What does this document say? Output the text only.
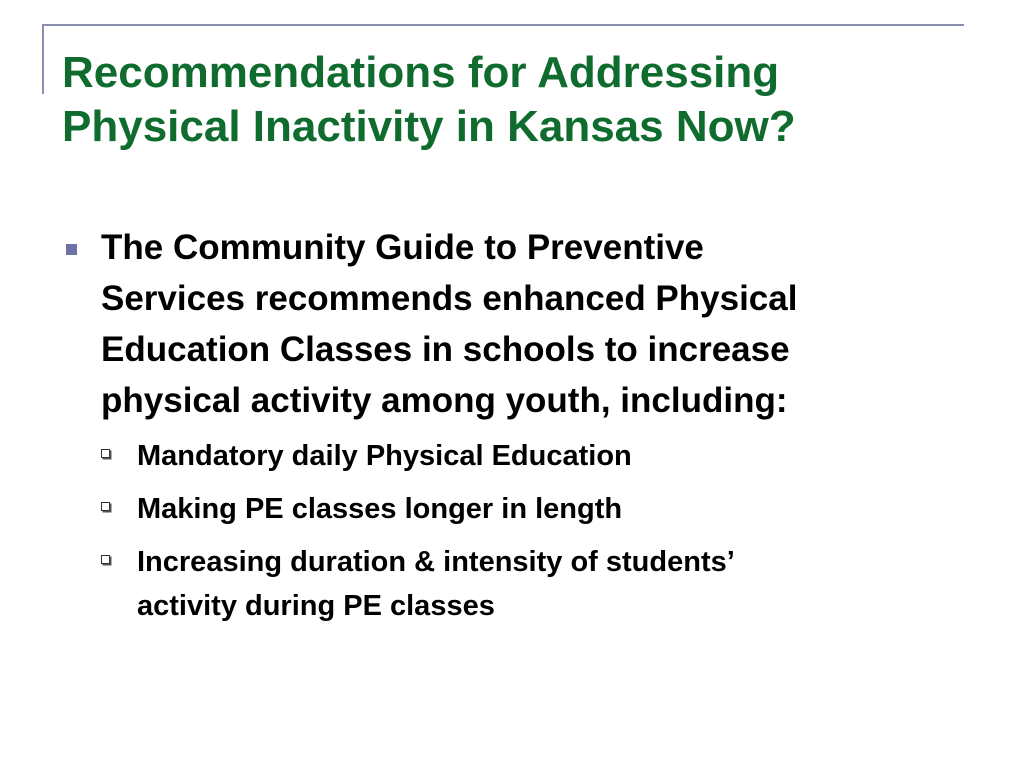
Recommendations for Addressing
Physical Inactivity in Kansas Now?
The Community Guide to Preventive
Services recommends enhanced Physical
Education Classes in schools to increase
physical activity among youth, including:
Mandatory daily Physical Education
Making PE classes longer in length
Increasing duration & intensity of students’
activity during PE classes
